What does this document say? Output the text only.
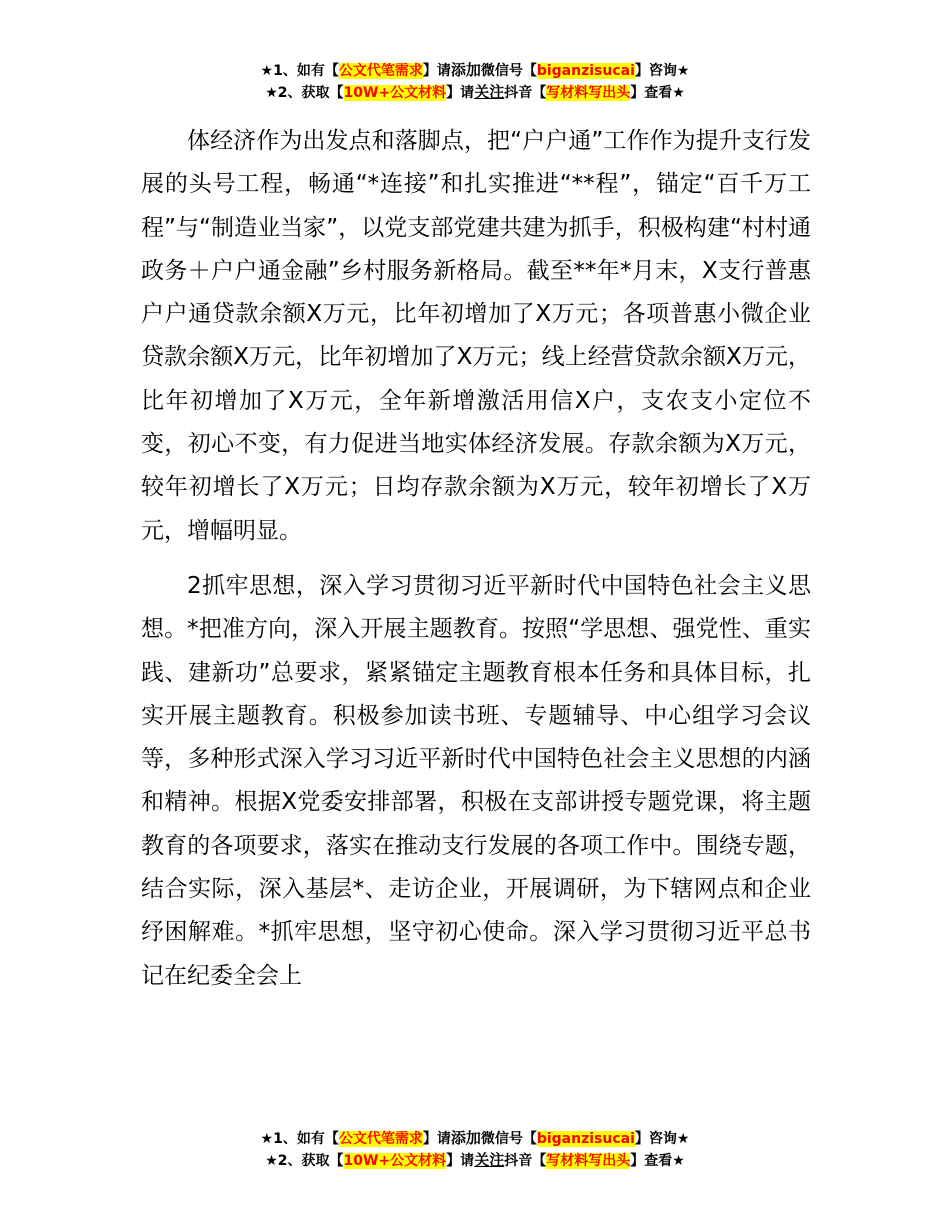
★1、如有【公文代笔需求】请添加微信号【biganzisucai】咨询★
★2、获取【10W+公文材料】请关注抖音【写材料写出头】查看★

体经济作为出发点和落脚点，把“户户通”工作作为提升支行发展的头号工程，畅通“*连接”和扎实推进“**程”，锚定“百千万工程”与“制造业当家”，以党支部党建共建为抓手，积极构建“村村通政务＋户户通金融”乡村服务新格局。截至**年*月末，X支行普惠户户通贷款余额X万元，比年初增加了X万元；各项普惠小微企业贷款余额X万元，比年初增加了X万元；线上经营贷款余额X万元，比年初增加了X万元，全年新增激活用信X户，支农支小定位不变，初心不变，有力促进当地实体经济发展。存款余额为X万元，较年初增长了X万元；日均存款余额为X万元，较年初增长了X万元，增幅明显。

2抓牢思想，深入学习贯彻习近平新时代中国特色社会主义思想。*把准方向，深入开展主题教育。按照“学思想、强党性、重实践、建新功”总要求，紧紧锚定主题教育根本任务和具体目标，扎实开展主题教育。积极参加读书班、专题辅导、中心组学习会议等，多种形式深入学习习近平新时代中国特色社会主义思想的内涵和精神。根据X党委安排部署，积极在支部讲授专题党课，将主题教育的各项要求，落实在推动支行发展的各项工作中。围绕专题，结合实际，深入基层*、走访企业，开展调研，为下辖网点和企业纾困解难。*抓牢思想，坚守初心使命。深入学习贯彻习近平总书记在纪委全会上

★1、如有【公文代笔需求】请添加微信号【biganzisucai】咨询★
★2、获取【10W+公文材料】请关注抖音【写材料写出头】查看★
